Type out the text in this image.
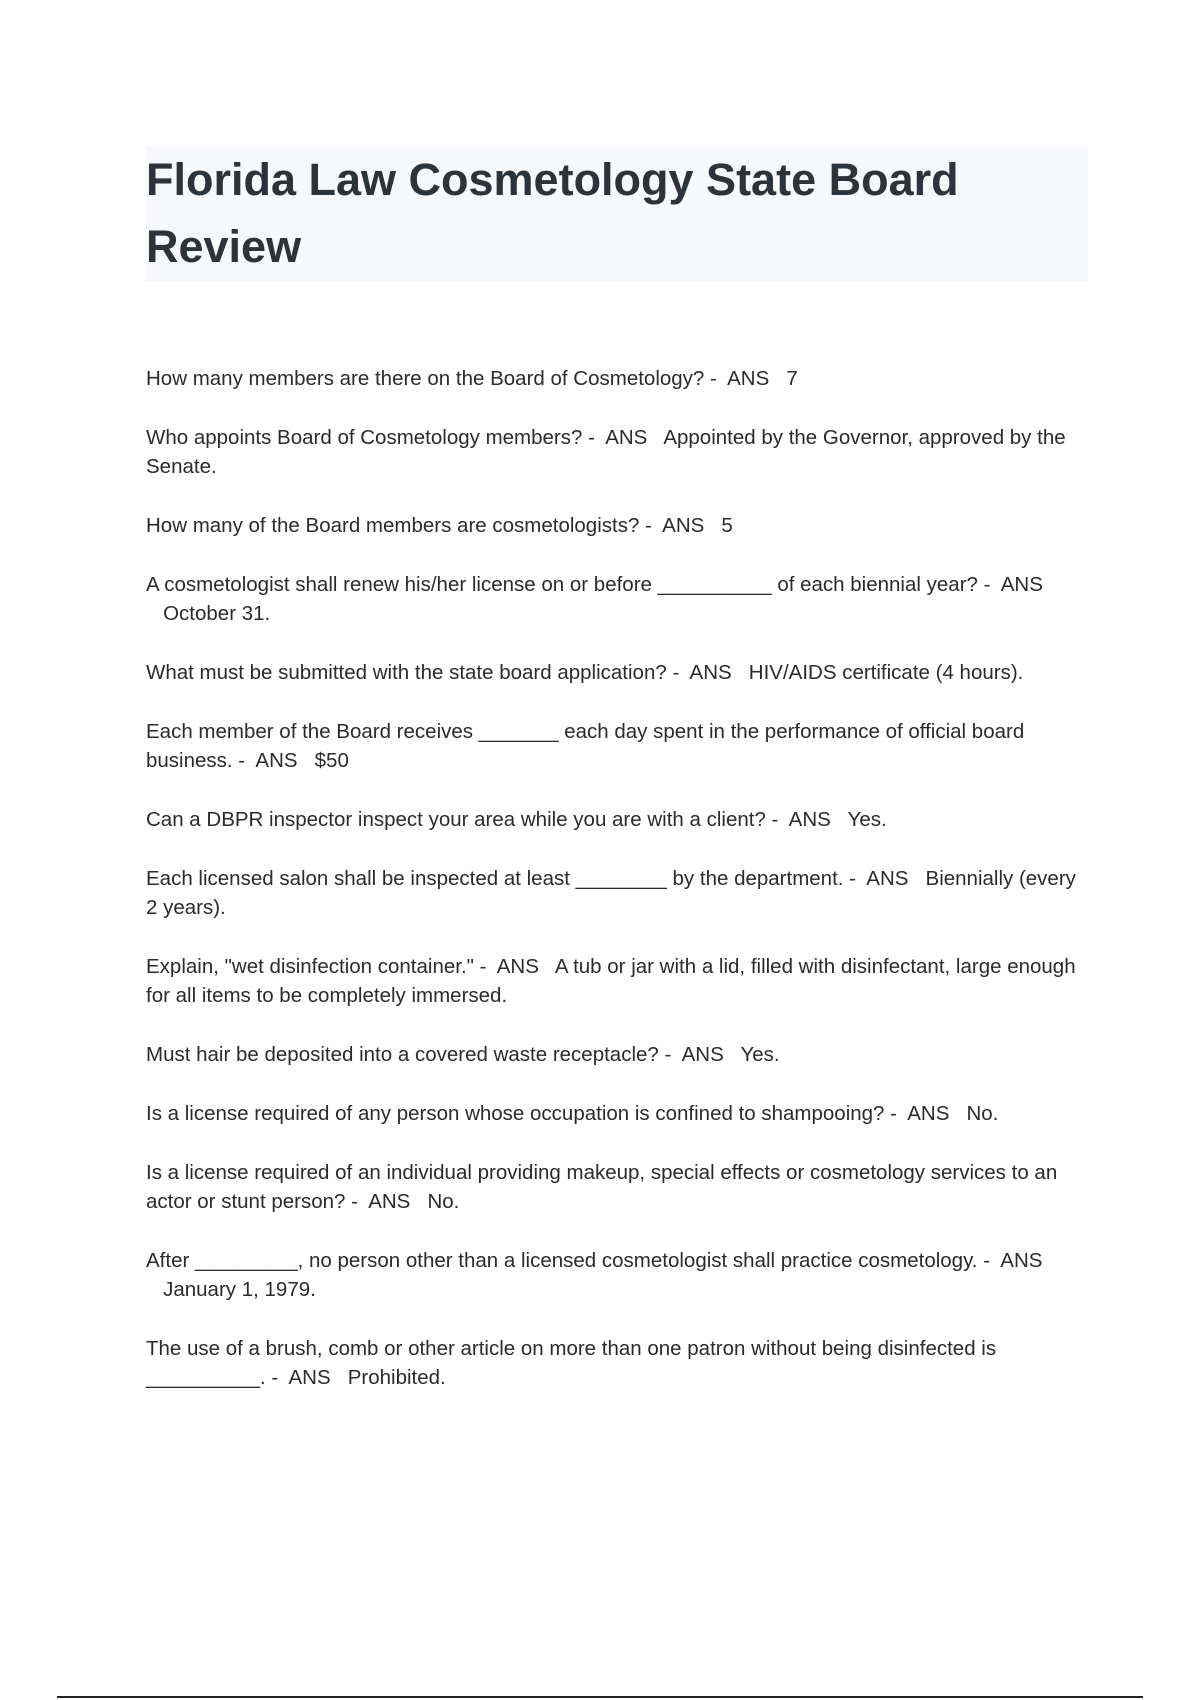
Florida Law Cosmetology State Board Review

How many members are there on the Board of Cosmetology? - ANS 7

Who appoints Board of Cosmetology members? - ANS Appointed by the Governor, approved by the Senate.

How many of the Board members are cosmetologists? - ANS 5

A cosmetologist shall renew his/her license on or before __________ of each biennial year? - ANS   October 31.

What must be submitted with the state board application? - ANS HIV/AIDS certificate (4 hours).

Each member of the Board receives _______ each day spent in the performance of official board business. - ANS $50

Can a DBPR inspector inspect your area while you are with a client? - ANS Yes.

Each licensed salon shall be inspected at least ________ by the department. - ANS Biennially (every 2 years).

Explain, "wet disinfection container." - ANS A tub or jar with a lid, filled with disinfectant, large enough for all items to be completely immersed.

Must hair be deposited into a covered waste receptacle? - ANS Yes.

Is a license required of any person whose occupation is confined to shampooing? - ANS No.

Is a license required of an individual providing makeup, special effects or cosmetology services to an actor or stunt person? - ANS No.

After _________, no person other than a licensed cosmetologist shall practice cosmetology. - ANS   January 1, 1979.

The use of a brush, comb or other article on more than one patron without being disinfected is __________. - ANS Prohibited.
